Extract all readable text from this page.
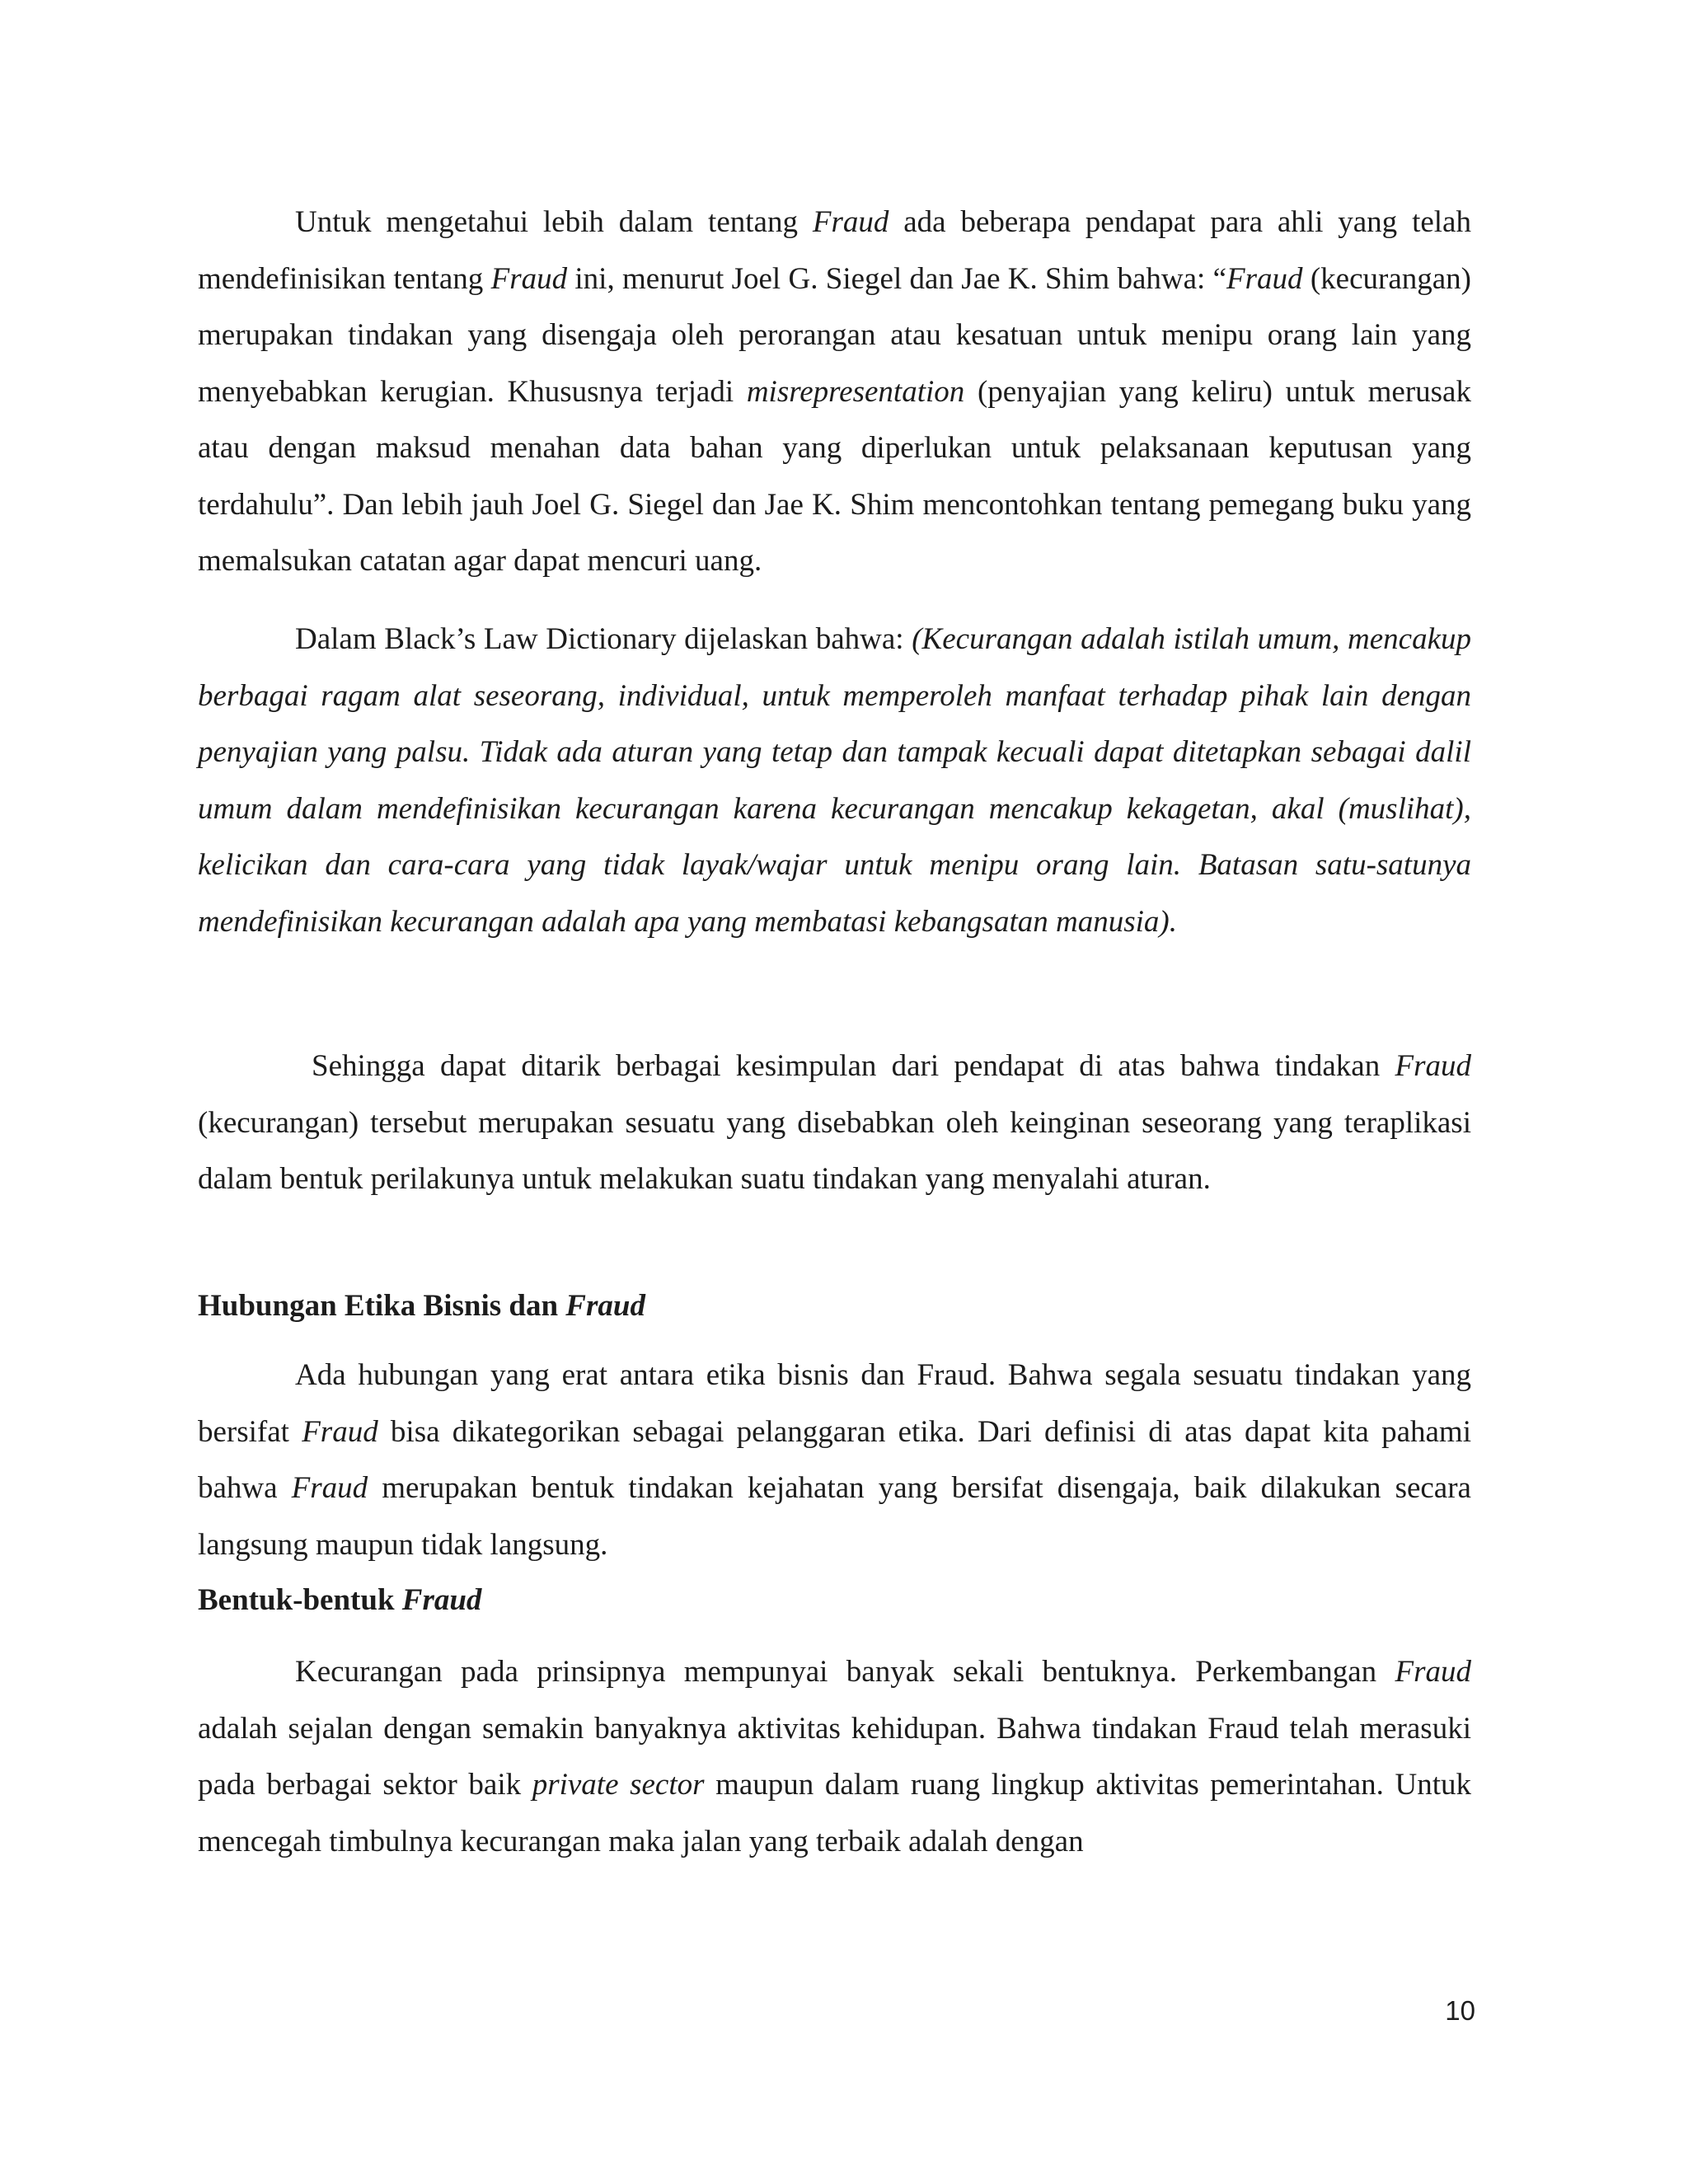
Untuk mengetahui lebih dalam tentang Fraud ada beberapa pendapat para ahli yang telah mendefinisikan tentang Fraud ini, menurut Joel G. Siegel dan Jae K. Shim bahwa: “Fraud (kecurangan) merupakan tindakan yang disengaja oleh perorangan atau kesatuan untuk menipu orang lain yang menyebabkan kerugian. Khususnya terjadi misrepresentation (penyajian yang keliru) untuk merusak atau dengan maksud menahan data bahan yang diperlukan untuk pelaksanaan keputusan yang terdahulu”. Dan lebih jauh Joel G. Siegel dan Jae K. Shim mencontohkan tentang pemegang buku yang memalsukan catatan agar dapat mencuri uang.

Dalam Black’s Law Dictionary dijelaskan bahwa: (Kecurangan adalah istilah umum, mencakup berbagai ragam alat seseorang, individual, untuk memperoleh manfaat terhadap pihak lain dengan penyajian yang palsu. Tidak ada aturan yang tetap dan tampak kecuali dapat ditetapkan sebagai dalil umum dalam mendefinisikan kecurangan karena kecurangan mencakup kekagetan, akal (muslihat), kelicikan dan cara-cara yang tidak layak/wajar untuk menipu orang lain. Batasan satu-satunya mendefinisikan kecurangan adalah apa yang membatasi kebangsatan manusia).

Sehingga dapat ditarik berbagai kesimpulan dari pendapat di atas bahwa tindakan Fraud (kecurangan) tersebut merupakan sesuatu yang disebabkan oleh keinginan seseorang yang teraplikasi dalam bentuk perilakunya untuk melakukan suatu tindakan yang menyalahi aturan.

Hubungan Etika Bisnis dan Fraud

Ada hubungan yang erat antara etika bisnis dan Fraud. Bahwa segala sesuatu tindakan yang bersifat Fraud bisa dikategorikan sebagai pelanggaran etika. Dari definisi di atas dapat kita pahami bahwa Fraud merupakan bentuk tindakan kejahatan yang bersifat disengaja, baik dilakukan secara langsung maupun tidak langsung.

Bentuk-bentuk Fraud

Kecurangan pada prinsipnya mempunyai banyak sekali bentuknya. Perkembangan Fraud adalah sejalan dengan semakin banyaknya aktivitas kehidupan. Bahwa tindakan Fraud telah merasuki pada berbagai sektor baik private sector maupun dalam ruang lingkup aktivitas pemerintahan. Untuk mencegah timbulnya kecurangan maka jalan yang terbaik adalah dengan

10
